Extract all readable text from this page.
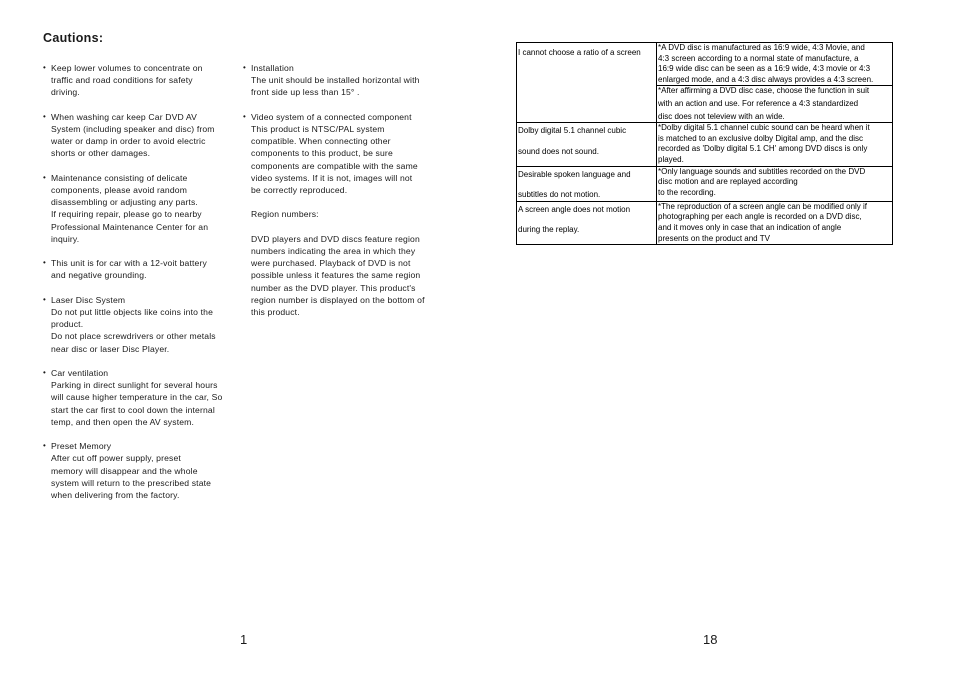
Cautions:
• Keep lower volumes to concentrate on
traffic and road conditions for safety
driving.
• When washing car keep Car DVD AV
System (including speaker and disc) from
water or damp in order to avoid electric
shorts or other damages.
• Maintenance consisting of delicate
components, please avoid random
disassembling or adjusting any parts.
If requiring repair, please go to nearby
Professional Maintenance Center for an
inquiry.
• This unit is for car with a 12-voit battery
and negative grounding.
• Laser Disc System
Do not put little objects like coins into the
product.
Do not place screwdrivers or other metals
near disc or laser Disc Player.
• Car ventilation
Parking in direct sunlight for several hours
will cause higher temperature in the car, So
start the car first to cool down the internal
temp, and then open the AV system.
• Preset Memory
After cut off power supply, preset
memory will disappear and the whole
system will return to the prescribed state
when delivering from the factory.
• Installation
The unit should be installed horizontal with
front side up less than 15° .
• Video system of a connected component
This product is NTSC/PAL system
compatible. When connecting other
components to this product, be sure
components are compatible with the same
video systems. If it is not, images will not
be correctly reproduced.
Region numbers:
DVD players and DVD discs feature region
numbers indicating the area in which they
were purchased. Playback of DVD is not
possible unless it features the same region
number as the DVD player. This product's
region number is displayed on the bottom of
this product.
I cannot choose a ratio of a screen	*A DVD disc is manufactured as 16:9 wide, 4:3 Movie, and
4:3 screen according to a normal state of manufacture, a
16:9 wide disc can be seen as a 16:9 wide, 4:3 movie or 4:3
enlarged mode, and a 4:3 disc always provides a 4:3 screen.

	*After affirming a DVD disc case, choose the function in suit
with an action and use. For reference a 4:3 standardized
disc does not teleview with an wide.

Dolby digital 5.1 channel cubic
sound does not sound.	*Dolby digital 5.1 channel cubic sound can be heard when it
is matched to an exclusive dolby Digital amp, and the disc
recorded as 'Dolby digital 5.1 CH' among DVD discs is only
played.

Desirable spoken language and
subtitles do not motion.	*Only language sounds and subtitles recorded on the DVD
disc motion and are replayed according
to the recording.

A screen angle does not motion
during the replay.	*The reproduction of a screen angle can be modified only if
photographing per each angle is recorded on a DVD disc,
and it moves only in case that an indication of angle
presents on the product and TV
1	18
